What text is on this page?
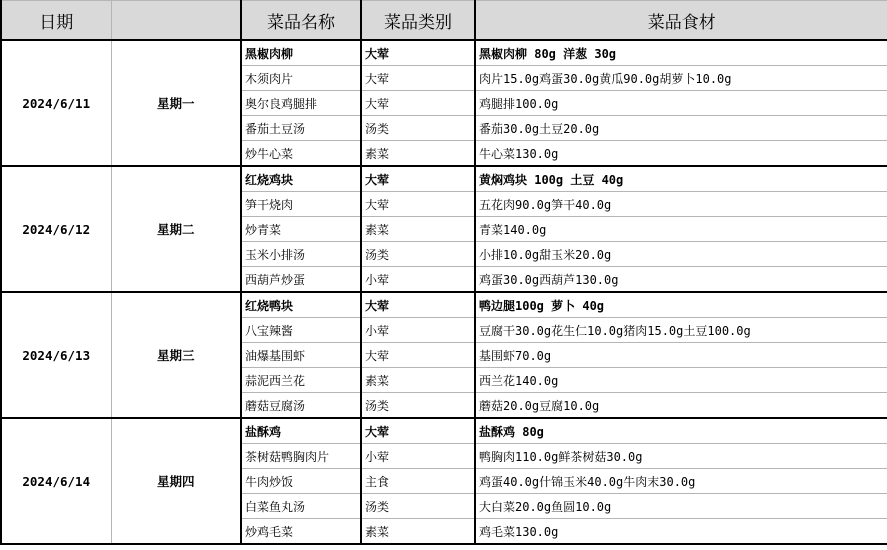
日期		菜品名称	菜品类别	菜品食材
2024/6/11	星期一	黑椒肉柳	大荤	黑椒肉柳 80g 洋葱 30g
		木须肉片	大荤	肉片15.0g鸡蛋30.0g黄瓜90.0g胡萝卜10.0g
		奥尔良鸡腿排	大荤	鸡腿排100.0g
		番茄土豆汤	汤类	番茄30.0g土豆20.0g
		炒牛心菜	素菜	牛心菜130.0g
2024/6/12	星期二	红烧鸡块	大荤	黄焖鸡块 100g 土豆 40g
		笋干烧肉	大荤	五花肉90.0g笋干40.0g
		炒青菜	素菜	青菜140.0g
		玉米小排汤	汤类	小排10.0g甜玉米20.0g
		西葫芦炒蛋	小荤	鸡蛋30.0g西葫芦130.0g
2024/6/13	星期三	红烧鸭块	大荤	鸭边腿100g 萝卜 40g
		八宝辣酱	小荤	豆腐干30.0g花生仁10.0g猪肉15.0g土豆100.0g
		油爆基围虾	大荤	基围虾70.0g
		蒜泥西兰花	素菜	西兰花140.0g
		蘑菇豆腐汤	汤类	蘑菇20.0g豆腐10.0g
2024/6/14	星期四	盐酥鸡	大荤	盐酥鸡 80g
		茶树菇鸭胸肉片	小荤	鸭胸肉110.0g鲜茶树菇30.0g
		牛肉炒饭	主食	鸡蛋40.0g什锦玉米40.0g牛肉末30.0g
		白菜鱼丸汤	汤类	大白菜20.0g鱼圆10.0g
		炒鸡毛菜	素菜	鸡毛菜130.0g
